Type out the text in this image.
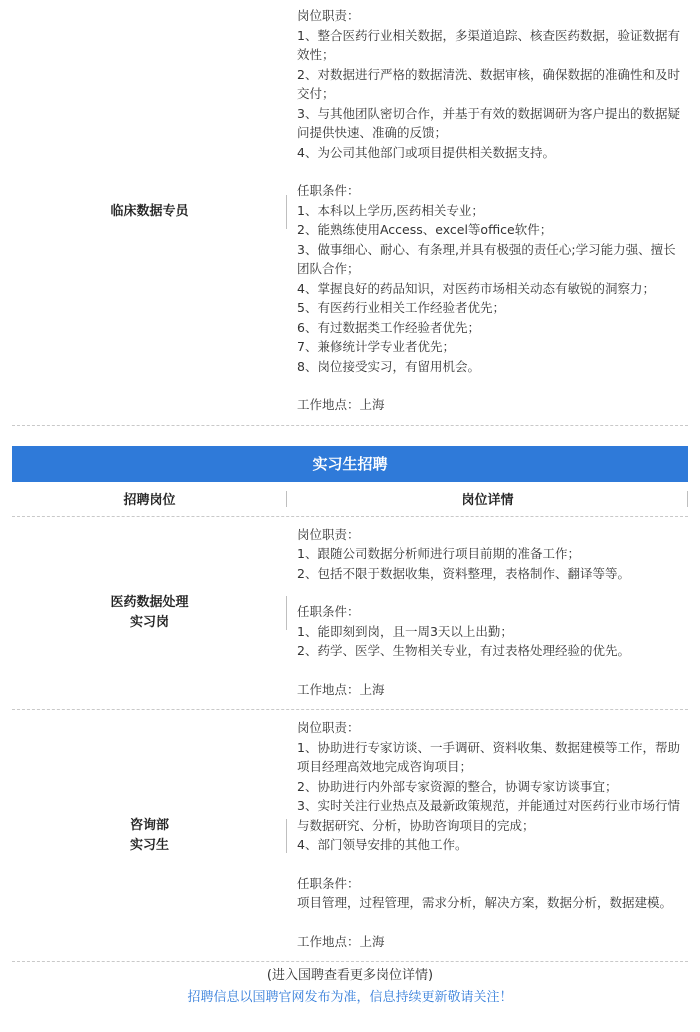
临床数据专员
岗位职责：
1、整合医药行业相关数据，多渠道追踪、核查医药数据，验证数据有效性；
2、对数据进行严格的数据清洗、数据审核，确保数据的准确性和及时交付；
3、与其他团队密切合作，并基于有效的数据调研为客户提出的数据疑问提供快速、准确的反馈；
4、为公司其他部门或项目提供相关数据支持。
任职条件：
1、本科以上学历,医药相关专业；
2、能熟练使用Access、excel等office软件；
3、做事细心、耐心、有条理,并具有极强的责任心;学习能力强、擅长团队合作；
4、掌握良好的药品知识，对医药市场相关动态有敏锐的洞察力；
5、有医药行业相关工作经验者优先；
6、有过数据类工作经验者优先；
7、兼修统计学专业者优先；
8、岗位接受实习，有留用机会。
工作地点：上海
实习生招聘
招聘岗位	岗位详情
医药数据处理
实习岗
岗位职责：
1、跟随公司数据分析师进行项目前期的准备工作；
2、包括不限于数据收集，资料整理，表格制作、翻译等等。
任职条件：
1、能即刻到岗，且一周3天以上出勤；
2、药学、医学、生物相关专业，有过表格处理经验的优先。
工作地点：上海
咨询部
实习生
岗位职责：
1、协助进行专家访谈、一手调研、资料收集、数据建模等工作，帮助项目经理高效地完成咨询项目；
2、协助进行内外部专家资源的整合，协调专家访谈事宜；
3、实时关注行业热点及最新政策规范，并能通过对医药行业市场行情与数据研究、分析，协助咨询项目的完成；
4、部门领导安排的其他工作。
任职条件：
项目管理，过程管理，需求分析，解决方案，数据分析，数据建模。
工作地点：上海
(进入国聘查看更多岗位详情)
招聘信息以国聘官网发布为准，信息持续更新敬请关注！
